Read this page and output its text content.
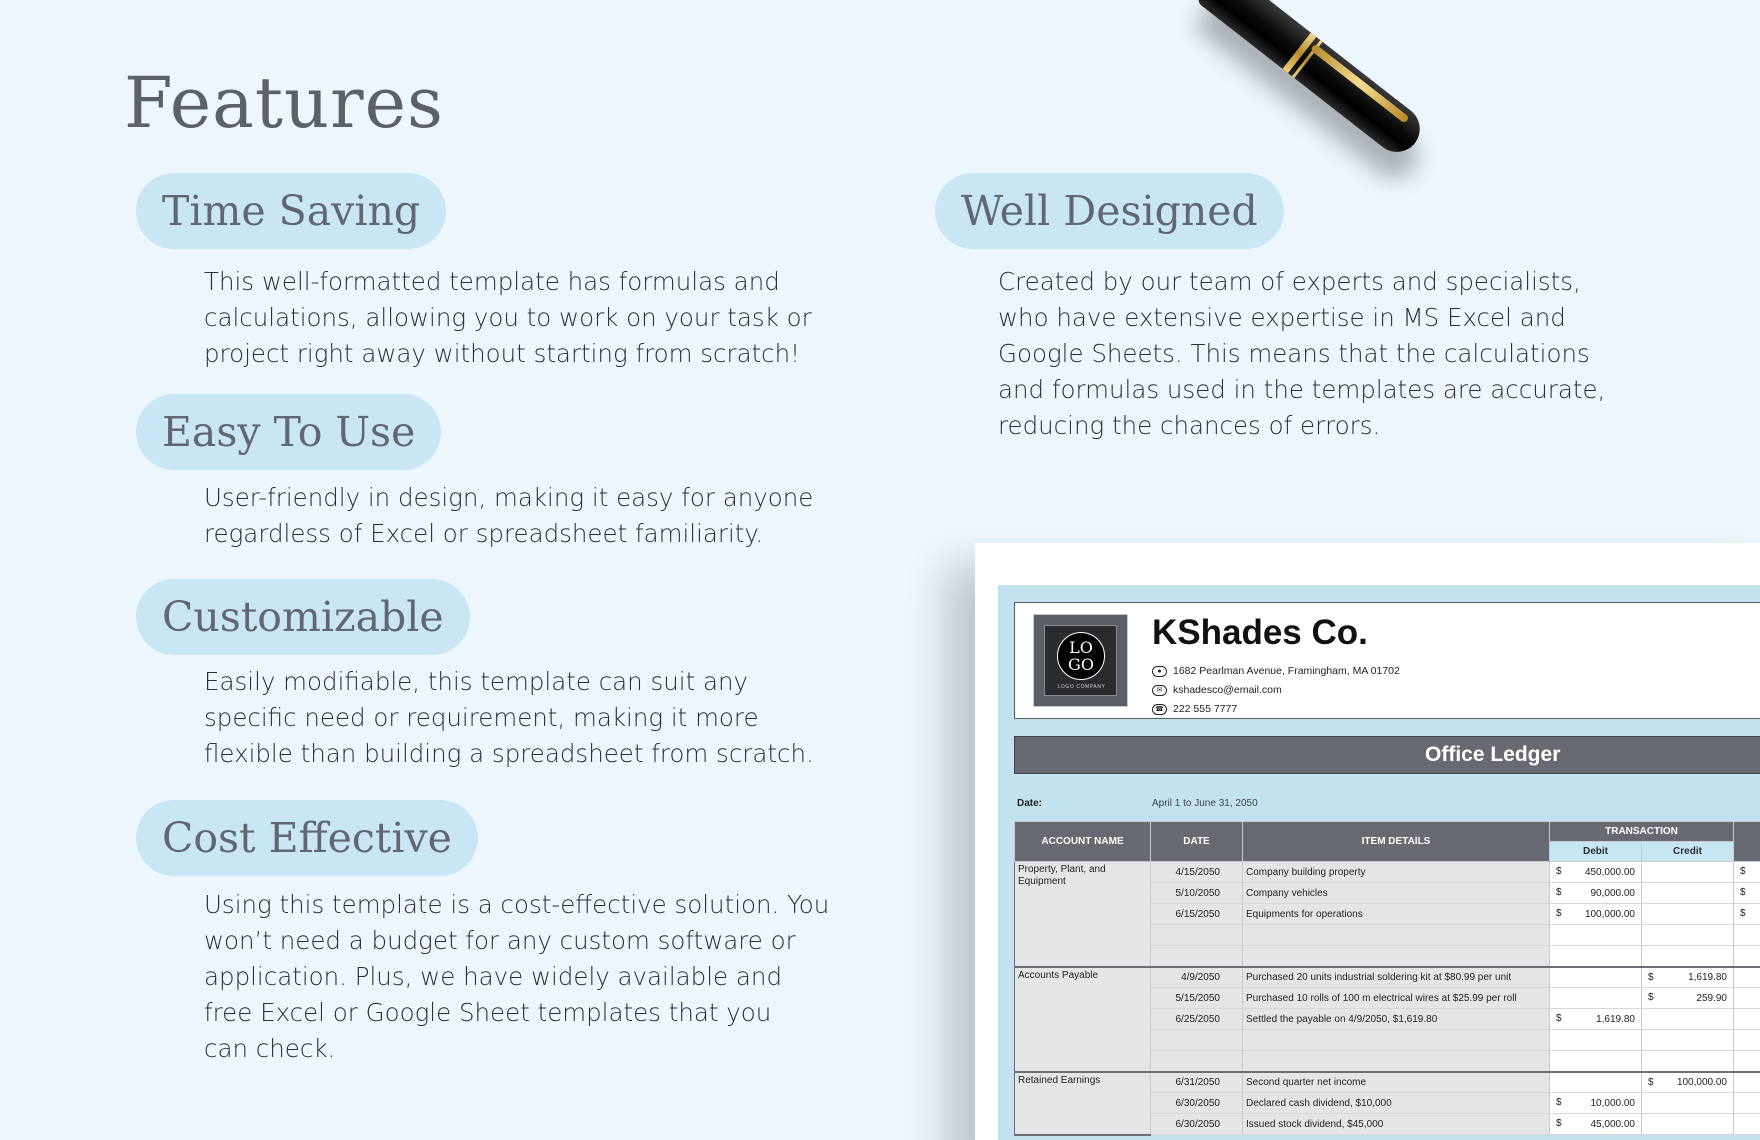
Features
Time Saving
This well-formatted template has formulas and
calculations, allowing you to work on your task or
project right away without starting from scratch!
Easy To Use
User-friendly in design, making it easy for anyone
regardless of Excel or spreadsheet familiarity.
Customizable
Easily modifiable, this template can suit any
specific need or requirement, making it more
flexible than building a spreadsheet from scratch.
Cost Effective
Using this template is a cost-effective solution. You
won’t need a budget for any custom software or
application. Plus, we have widely available and
free Excel or Google Sheet templates that you
can check.
Well Designed
Created by our team of experts and specialists,
who have extensive expertise in MS Excel and
Google Sheets. This means that the calculations
and formulas used in the templates are accurate,
reducing the chances of errors.
LO
GO
LOGO COMPANY
KShades Co.
●	1682 Pearlman Avenue, Framingham, MA 01702
✉	kshadesco@email.com
☎ 222 555 7777
Office Ledger
Date:	April 1 to June 31, 2050
ACCOUNT NAME	DATE	ITEM DETAILS	TRANSACTION		
			Debit	Credit	
Property, Plant, and Equipment	4/15/2050	Company building property	$ 450,000.00		$

	5/10/2050	Company vehicles	$ 90,000.00		$

	6/15/2050	Equipments for operations	$ 100,000.00		$

Accounts Payable	4/9/2050	Purchased 20 units industrial soldering kit at $80.99 per unit		$ 1,619.80	
	5/15/2050	Purchased 10 rolls of 100 m electrical wires at $25.99 per roll		$ 259.90	
	6/25/2050	Settled the payable on 4/9/2050, $1,619.80	$ 1,619.80		

Retained Earnings	6/31/2050	Second quarter net income		$ 100,000.00	
	6/30/2050	Declared cash dividend, $10,000	$ 10,000.00		
	6/30/2050	Issued stock dividend, $45,000	$ 45,000.00		
